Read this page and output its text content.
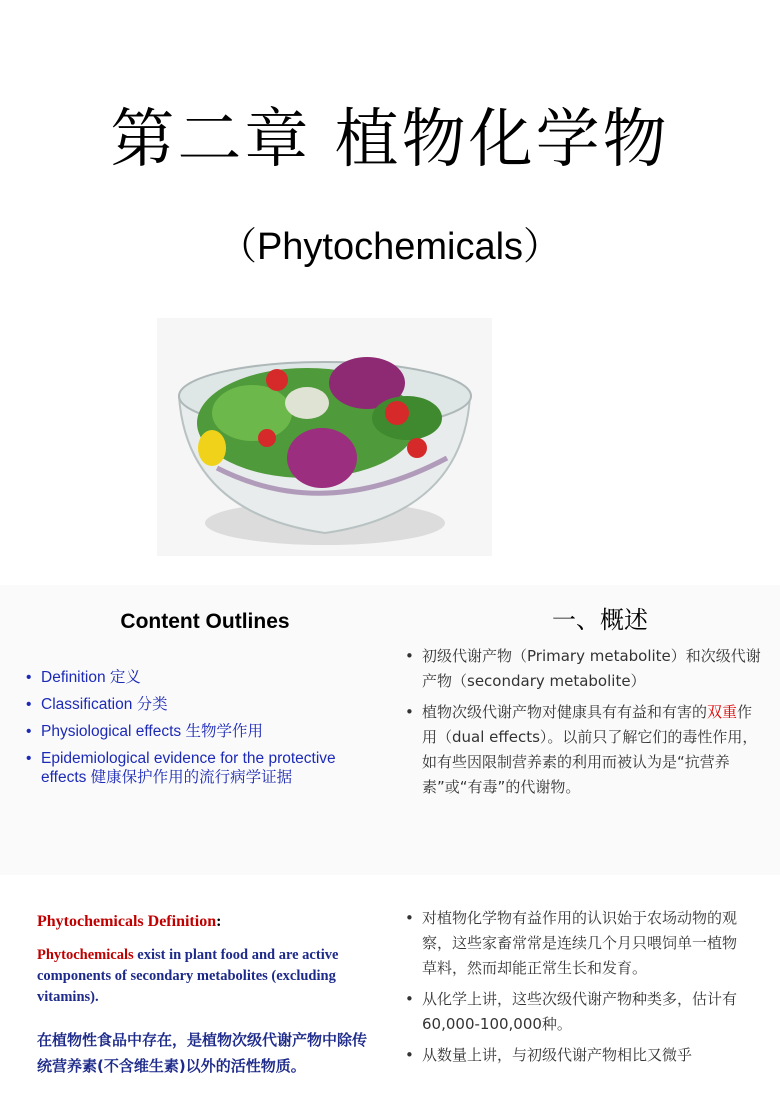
第二章 植物化学物
（Phytochemicals）
Content Outlines
• Definition 定义
• Classification 分类
• Physiological effects 生物学作用
• Epidemiological evidence for the protective effects 健康保护作用的流行病学证据
一、概述
• 初级代谢产物（Primary metabolite）和次级代谢产物（secondary metabolite）
• 植物次级代谢产物对健康具有有益和有害的双重作用（dual effects）。以前只了解它们的毒性作用，如有些因限制营养素的利用而被认为是“抗营养素”或“有毒”的代谢物。
Phytochemicals Definition:
Phytochemicals exist in plant food and are active components of secondary metabolites (excluding vitamins).
在植物性食品中存在，是植物次级代谢产物中除传统营养素(不含维生素)以外的活性物质。
• 对植物化学物有益作用的认识始于农场动物的观察，这些家畜常常是连续几个月只喂饲单一植物草料，然而却能正常生长和发育。
• 从化学上讲，这些次级代谢产物种类多，估计有60,000-100,000种。
• 从数量上讲，与初级代谢产物相比又微乎
